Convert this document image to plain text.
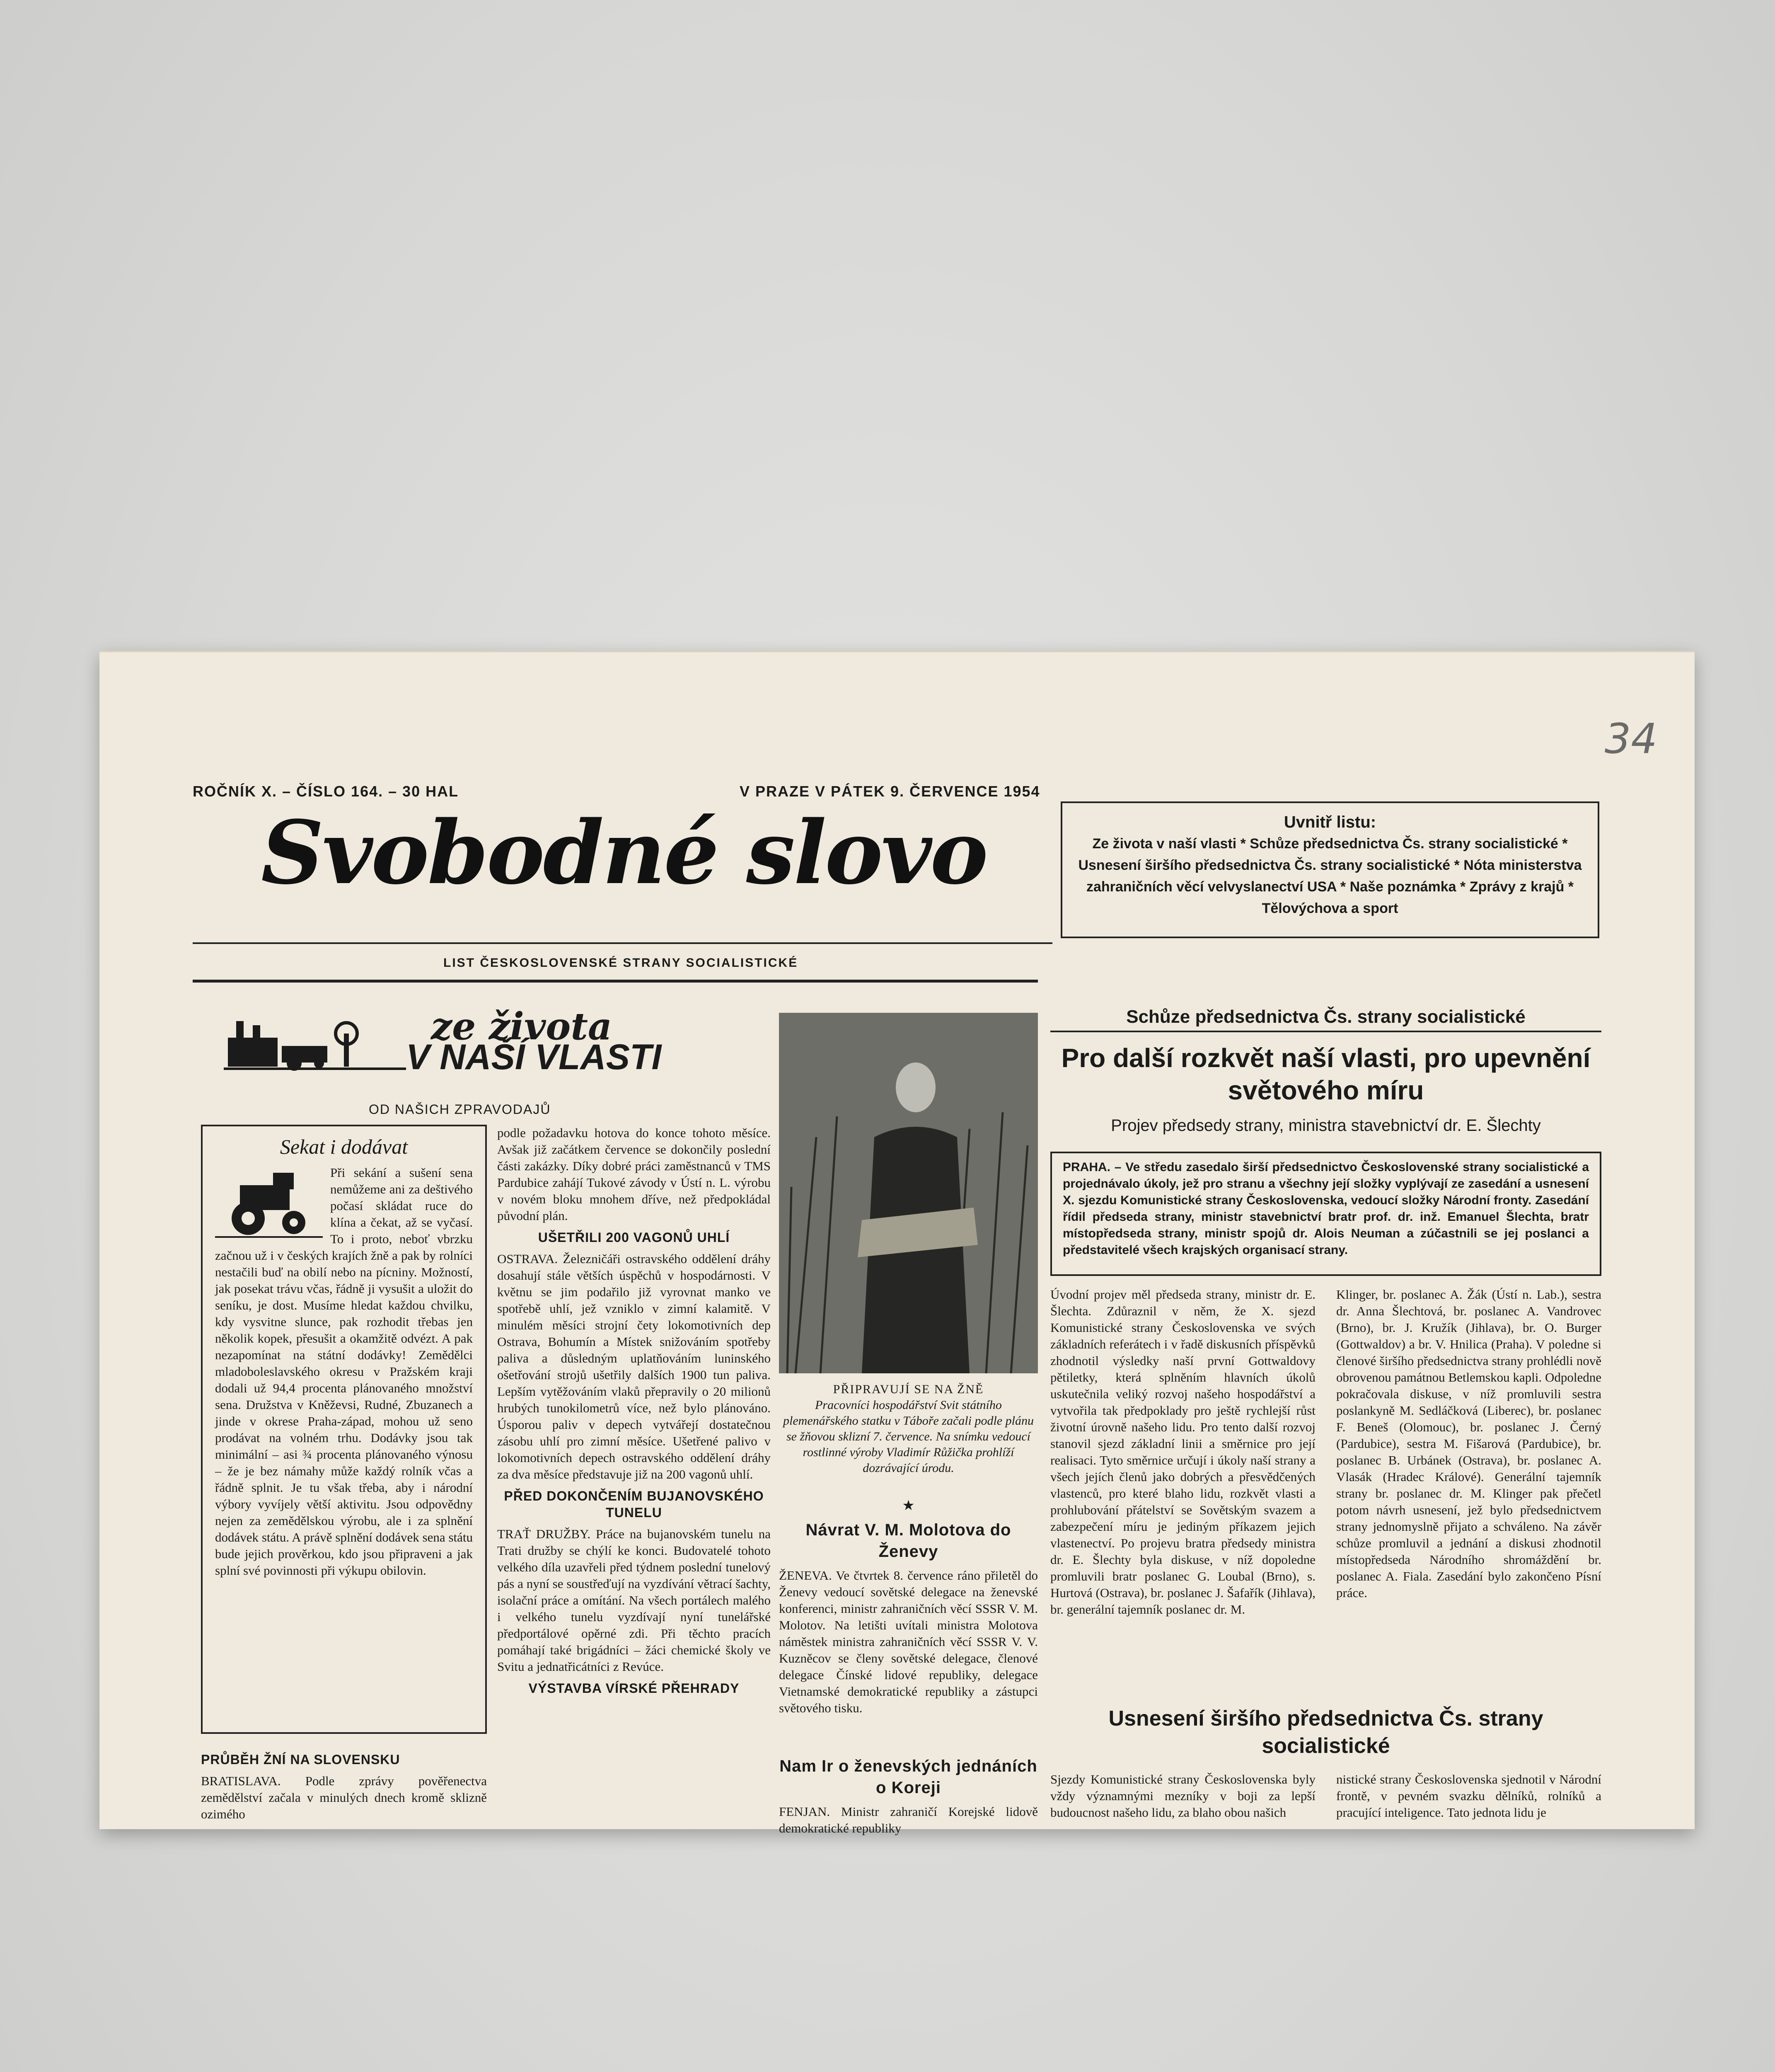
34
ROČNÍK X. – ČÍSLO 164. – 30 HAL	V PRAZE V PÁTEK 9. ČERVENCE 1954
Svobodné slovo
LIST ČESKOSLOVENSKÉ STRANY SOCIALISTICKÉ
Uvnitř listu:
Ze života v naší vlasti * Schůze předsednictva Čs. strany socialistické * Usnesení širšího předsednictva Čs. strany socialistické * Nóta ministerstva zahraničních věcí velvyslanectví USA * Naše poznámka * Zprávy z krajů * Tělovýchova a sport
ze života
V NAŠÍ VLASTI
OD NAŠICH ZPRAVODAJŮ
Sekat i dodávat
Při sekání a sušení sena nemůžeme ani za deštivého počasí skládat ruce do klína a čekat, až se vyčasí. To i proto, neboť vbrzku začnou už i v českých krajích žně a pak by rolníci nestačili buď na obilí nebo na pícniny. Možností, jak posekat trávu včas, řádně ji vysušit a uložit do seníku, je dost. Musíme hledat každou chvilku, kdy vysvitne slunce, pak rozhodit třebas jen několik kopek, přesušit a okamžitě odvézt. A pak nezapomínat na státní dodávky! Zemědělci mladoboleslavského okresu v Pražském kraji dodali už 94,4 procenta plánovaného množství sena. Družstva v Kněževsi, Rudné, Zbuzanech a jinde v okrese Praha-západ, mohou už seno prodávat na volném trhu. Dodávky jsou tak minimální – asi ¾ procenta plánovaného výnosu – že je bez námahy může každý rolník včas a řádně splnit. Je tu však třeba, aby i národní výbory vyvíjely větší aktivitu. Jsou odpovědny nejen za zemědělskou výrobu, ale i za splnění dodávek státu. A právě splnění dodávek sena státu bude jejich prověrkou, kdo jsou připraveni a jak splní své povinnosti při výkupu obilovin.
PRŮBĚH ŽNÍ NA SLOVENSKU
BRATISLAVA. Podle zprávy pověřenectva zemědělství začala v minulých dnech kromě sklizně ozimého
podle požadavku hotova do konce tohoto měsíce. Avšak již začátkem července se dokončily poslední části zakázky. Díky dobré práci zaměstnanců v TMS Pardubice zahájí Tukové závody v Ústí n. L. výrobu v novém bloku mnohem dříve, než předpokládal původní plán.
UŠETŘILI 200 VAGONŮ UHLÍ
OSTRAVA. Železničáři ostravského oddělení dráhy dosahují stále větších úspěchů v hospodárnosti. V květnu se jim podařilo již vyrovnat manko ve spotřebě uhlí, jež vzniklo v zimní kalamitě. V minulém měsíci strojní čety lokomotivních dep Ostrava, Bohumín a Místek snižováním spotřeby paliva a důsledným uplatňováním luninského ošetřování strojů ušetřily dalších 1900 tun paliva. Lepším vytěžováním vlaků přepravily o 20 milionů hrubých tunokilometrů více, než bylo plánováno. Úsporou paliv v depech vytvářejí dostatečnou zásobu uhlí pro zimní měsíce. Ušetřené palivo v lokomotivních depech ostravského oddělení dráhy za dva měsíce představuje již na 200 vagonů uhlí.
PŘED DOKONČENÍM BUJANOVSKÉHO TUNELU
TRAŤ DRUŽBY. Práce na bujanovském tunelu na Trati družby se chýlí ke konci. Budovatelé tohoto velkého díla uzavřeli před týdnem poslední tunelový pás a nyní se soustřeďují na vyzdívání větrací šachty, isolační práce a omítání. Na všech portálech malého i velkého tunelu vyzdívají nyní tunelářské předportálové opěrné zdi. Při těchto pracích pomáhají také brigádníci – žáci chemické školy ve Svitu a jednatřicátníci z Revúce.
VÝSTAVBA VÍRSKÉ PŘEHRADY
PŘIPRAVUJÍ SE NA ŽNĚ
Pracovníci hospodářství Svit státního plemenářského statku v Táboře začali podle plánu se žňovou sklizní 7. července. Na snímku vedoucí rostlinné výroby Vladimír Růžička prohlíží dozrávající úrodu.
★
Návrat V. M. Molotova do Ženevy
ŽENEVA. Ve čtvrtek 8. července ráno přiletěl do Ženevy vedoucí sovětské delegace na ženevské konferenci, ministr zahraničních věcí SSSR V. M. Molotov. Na letišti uvítali ministra Molotova náměstek ministra zahraničních věcí SSSR V. V. Kuzněcov se členy sovětské delegace, členové delegace Čínské lidové republiky, delegace Vietnamské demokratické republiky a zástupci světového tisku.
Nam Ir o ženevských jednáních o Koreji
FENJAN. Ministr zahraničí Korejské lidově demokratické republiky
Schůze předsednictva Čs. strany socialistické
Pro další rozkvět naší vlasti, pro upevnění světového míru
Projev předsedy strany, ministra stavebnictví dr. E. Šlechty
PRAHA. – Ve středu zasedalo širší předsednictvo Československé strany socialistické a projednávalo úkoly, jež pro stranu a všechny její složky vyplývají ze zasedání a usnesení X. sjezdu Komunistické strany Československa, vedoucí složky Národní fronty. Zasedání řídil předseda strany, ministr stavebnictví bratr prof. dr. inž. Emanuel Šlechta, bratr místopředseda strany, ministr spojů dr. Alois Neuman a zúčastnili se jej poslanci a představitelé všech krajských organisací strany.
Úvodní projev měl předseda strany, ministr dr. E. Šlechta. Zdůraznil v něm, že X. sjezd Komunistické strany Československa ve svých základních referátech i v řadě diskusních příspěvků zhodnotil výsledky naší první Gottwaldovy pětiletky, která splněním hlavních úkolů uskutečnila veliký rozvoj našeho hospodářství a vytvořila tak předpoklady pro ještě rychlejší růst životní úrovně našeho lidu. Pro tento další rozvoj stanovil sjezd základní linii a směrnice pro její realisaci. Tyto směrnice určují i úkoly naší strany a všech jejích členů jako dobrých a přesvědčených vlastenců, pro které blaho lidu, rozkvět vlasti a prohlubování přátelství se Sovětským svazem a zabezpečení míru je jediným příkazem jejich vlastenectví. Po projevu bratra předsedy ministra dr. E. Šlechty byla diskuse, v níž dopoledne promluvili bratr poslanec G. Loubal (Brno), s. Hurtová (Ostrava), br. poslanec J. Šafařík (Jihlava), br. generální tajemník poslanec dr. M.
Klinger, br. poslanec A. Žák (Ústí n. Lab.), sestra dr. Anna Šlechtová, br. poslanec A. Vandrovec (Brno), br. J. Kružík (Jihlava), br. O. Burger (Gottwaldov) a br. V. Hnilica (Praha). V poledne si členové širšího předsednictva strany prohlédli nově obrovenou památnou Betlemskou kapli. Odpoledne pokračovala diskuse, v níž promluvili sestra poslankyně M. Sedláčková (Liberec), br. poslanec F. Beneš (Olomouc), br. poslanec J. Černý (Pardubice), sestra M. Fišarová (Pardubice), br. poslanec B. Urbánek (Ostrava), br. poslanec A. Vlasák (Hradec Králové). Generální tajemník strany br. poslanec dr. M. Klinger pak přečetl potom návrh usnesení, jež bylo předsednictvem strany jednomyslně přijato a schváleno. Na závěr schůze promluvil a jednání a diskusi zhodnotil místopředseda Národního shromáždění br. poslanec A. Fiala. Zasedání bylo zakončeno Písní práce.
Usnesení širšího předsednictva Čs. strany socialistické
Sjezdy Komunistické strany Československa byly vždy významnými mezníky v boji za lepší budoucnost našeho lidu, za blaho obou našich
nistické strany Československa sjednotil v Národní frontě, v pevném svazku dělníků, rolníků a pracující inteligence. Tato jednota lidu je
